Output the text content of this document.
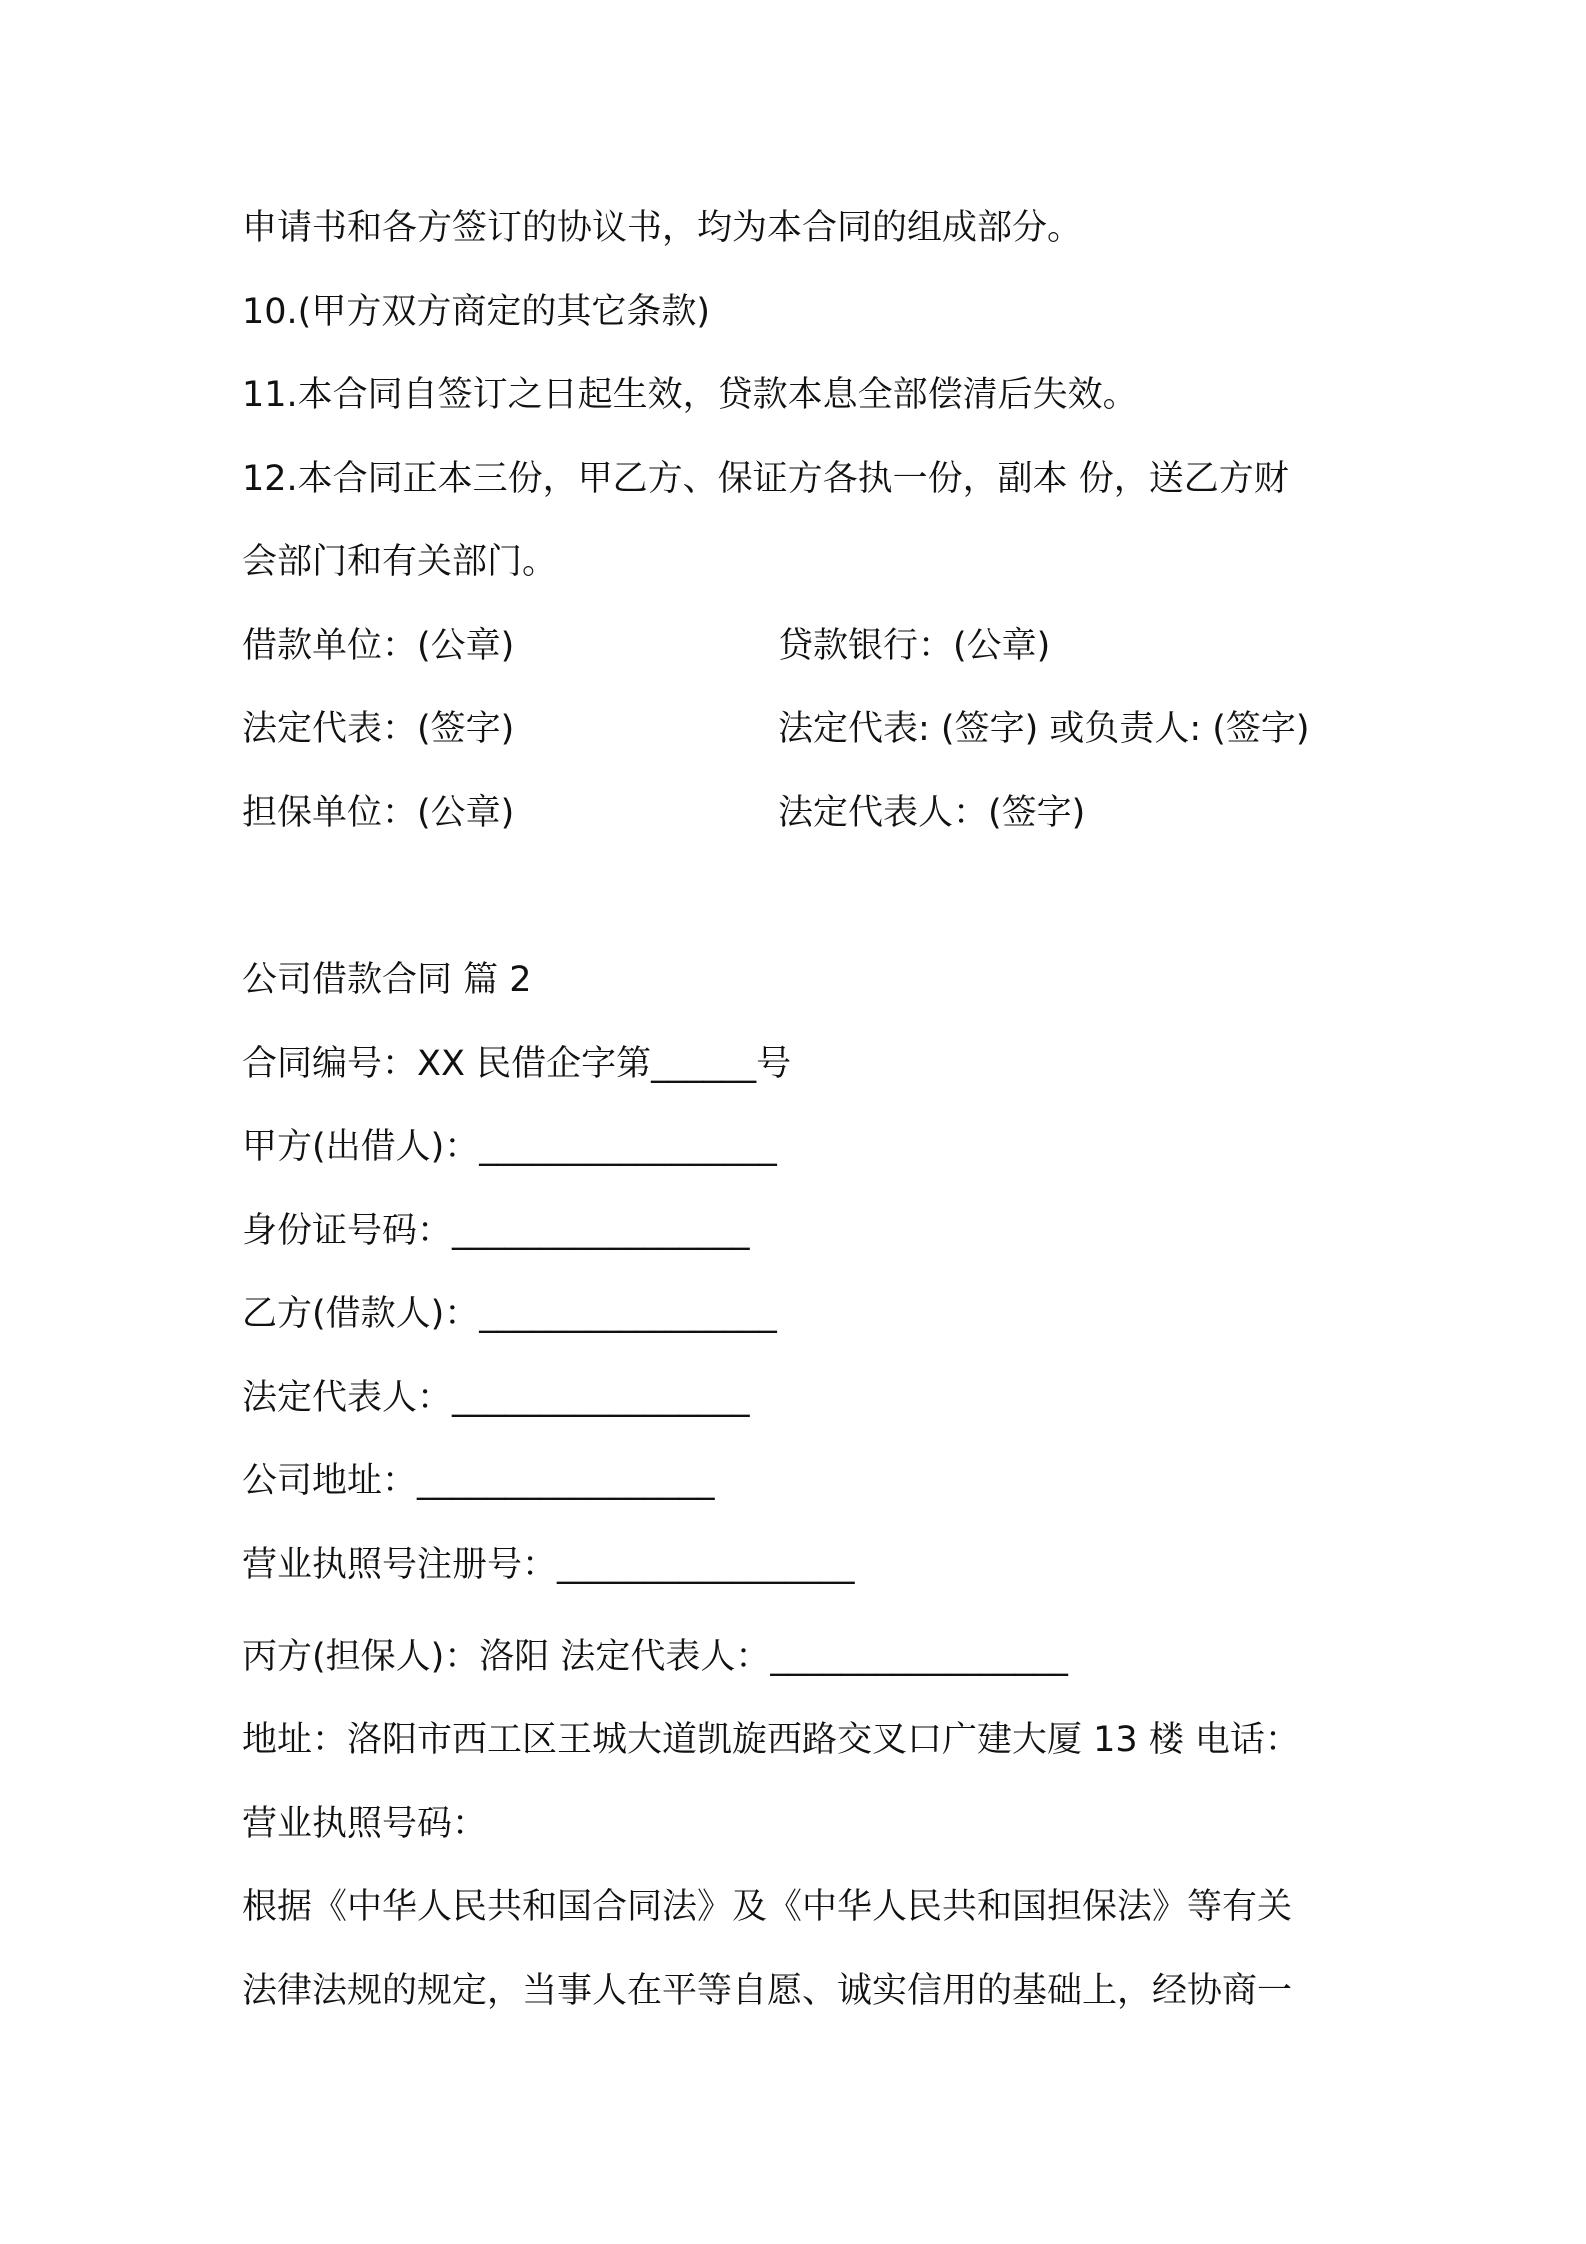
申请书和各方签订的协议书，均为本合同的组成部分。
10.(甲方双方商定的其它条款)
11.本合同自签订之日起生效，贷款本息全部偿清后失效。
12.本合同正本三份，甲乙方、保证方各执一份，副本 份，送乙方财
会部门和有关部门。
借款单位：(公章)	贷款银行：(公章)
法定代表：(签字)	法定代表: (签字) 或负责人: (签字)
担保单位：(公章)	法定代表人：(签字)
公司借款合同 篇 2
合同编号：XX 民借企字第______号
甲方(出借人)：_________________
身份证号码：_________________
乙方(借款人)：_________________
法定代表人：_________________
公司地址：_________________
营业执照号注册号：_________________
丙方(担保人)：洛阳 法定代表人：_________________
地址：洛阳市西工区王城大道凯旋西路交叉口广建大厦 13 楼 电话：
营业执照号码：
根据《中华人民共和国合同法》及《中华人民共和国担保法》等有关
法律法规的规定，当事人在平等自愿、诚实信用的基础上，经协商一
